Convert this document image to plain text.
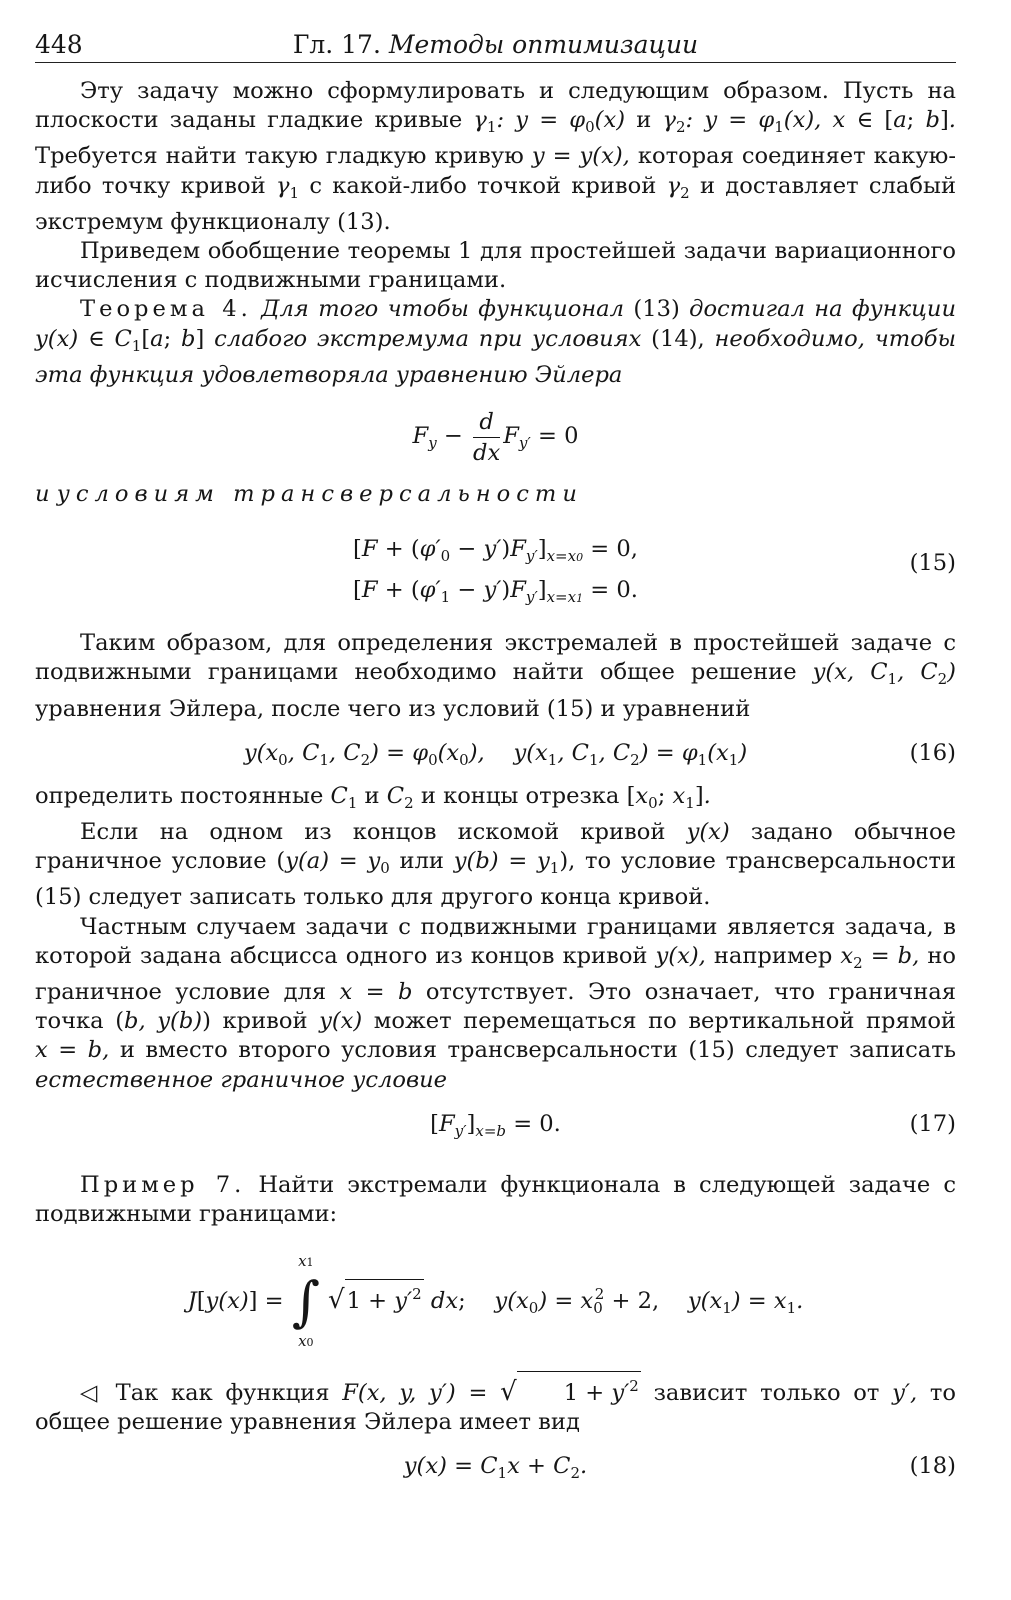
448	Гл. 17. Методы оптимизации

Эту задачу можно сформулировать и следующим образом. Пусть на плоскости заданы гладкие кривые $\gamma_1$: $y = \varphi_0(x)$ и $\gamma_2$: $y = \varphi_1(x)$, x ∈ [a; b]. Требуется найти такую гладкую кривую y = y(x), которая соединяет какую-либо точку кривой $\gamma_1$ с какой-либо точкой кривой $\gamma_2$ и доставляет слабый экстремум функционалу (13).

Приведем обобщение теоремы 1 для простейшей задачи вариационного исчисления с подвижными границами.

Теорема 4. Для того чтобы функционал (13) достигал на функции y(x) ∈ $C_1[a$; b] слабого экстремума при условиях (14), необходимо, чтобы эта функция удовлетворяла уравнению Эйлера

$F_y - \frac{d}{dx} F_{y'} = 0$

и условиям трансверсальности

$[F + (\varphi'_0 - y')F_{y'}]_{x=x0} = 0$,
$[F + (\varphi'_1 - y')F_{y'}]_{x=x1} = 0$.
(15)

Таким образом, для определения экстремалей в простейшей задаче с подвижными границами необходимо найти общее решение y(x, $C_1$, $C_2$) уравнения Эйлера, после чего из условий (15) и уравнений

$y(x_0$, $C_1$, $C_2) = \varphi_0(x_0)$,    $y(x_1$, $C_1$, $C_2) = \varphi_1(x_1)$	(16)

определить постоянные $C_1$ и $C_2$ и концы отрезка [$x_0$; $x_1$].

Если на одном из концов искомой кривой y(x) задано обычное граничное условие ($y(a) = y_0$ или $y(b) = y_1$), то условие трансверсальности (15) следует записать только для другого конца кривой.

Частным случаем задачи с подвижными границами является задача, в которой задана абсцисса одного из концов кривой y(x), например $x_2 = b$, но граничное условие для x = b отсутствует. Это означает, что граничная точка (b, y(b)) кривой y(x) может перемещаться по вертикальной прямой x = b, и вместо второго условия трансверсальности (15) следует записать естественное граничное условие

$[F_{y'}]_{x=b} = 0$.	(17)

Пример 7. Найти экстремали функционала в следующей задаче с подвижными границами:

J[y(x)] =
x1
∫
x0
$√1 + y'^2$ dx;    $y(x_0) = x_0^2 + 2$,    $y(x_1) = x_1$.

◁ Так как функция F(x, y, y′) = √ $1 + y'^2$ зависит только от y′, то общее решение уравнения Эйлера имеет вид

$y(x) = C_1x + C_2$.	(18)
